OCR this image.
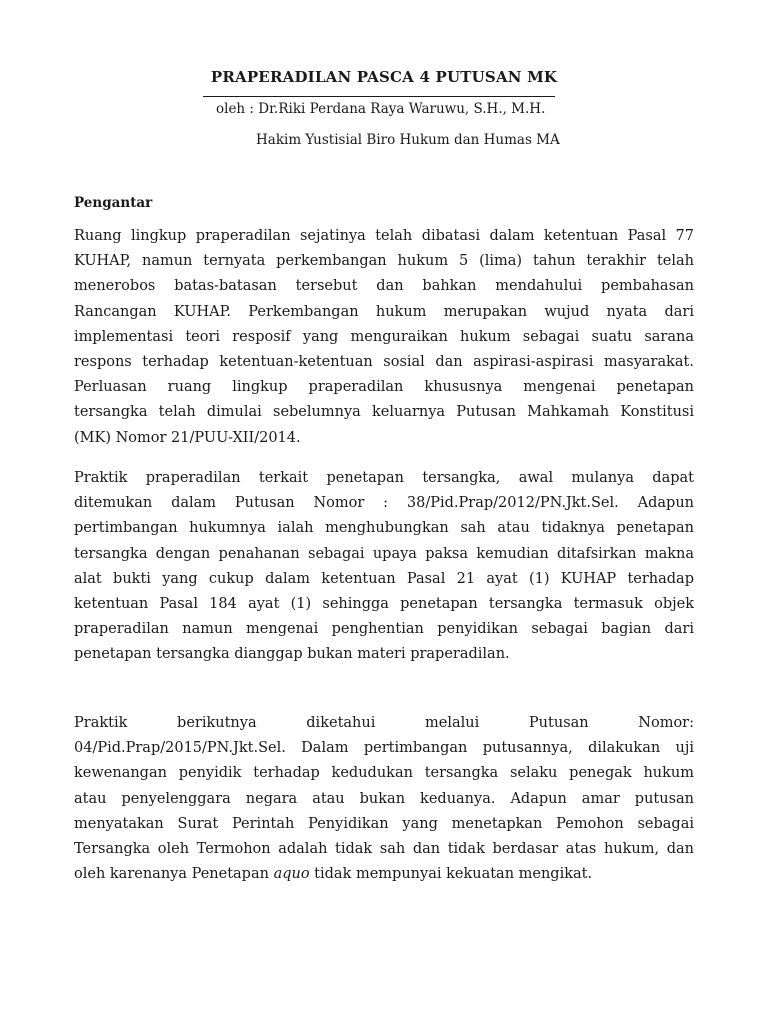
PRAPERADILAN PASCA 4 PUTUSAN MK
oleh : Dr.Riki Perdana Raya Waruwu, S.H., M.H.
Hakim Yustisial Biro Hukum dan Humas MA
Pengantar
Ruang lingkup praperadilan sejatinya telah dibatasi dalam ketentuan Pasal 77
KUHAP, namun ternyata perkembangan hukum 5 (lima) tahun terakhir telah
menerobos batas-batasan tersebut dan bahkan mendahului pembahasan
Rancangan KUHAP. Perkembangan hukum merupakan wujud nyata dari
implementasi teori resposif yang menguraikan hukum sebagai suatu sarana
respons terhadap ketentuan-ketentuan sosial dan aspirasi-aspirasi masyarakat.
Perluasan ruang lingkup praperadilan khususnya mengenai penetapan
tersangka telah dimulai sebelumnya keluarnya Putusan Mahkamah Konstitusi
(MK) Nomor 21/PUU-XII/2014.
Praktik praperadilan terkait penetapan tersangka, awal mulanya dapat
ditemukan dalam Putusan Nomor : 38/Pid.Prap/2012/PN.Jkt.Sel. Adapun
pertimbangan hukumnya ialah menghubungkan sah atau tidaknya penetapan
tersangka dengan penahanan sebagai upaya paksa kemudian ditafsirkan makna
alat bukti yang cukup dalam ketentuan Pasal 21 ayat (1) KUHAP terhadap
ketentuan Pasal 184 ayat (1) sehingga penetapan tersangka termasuk objek
praperadilan namun mengenai penghentian penyidikan sebagai bagian dari
penetapan tersangka dianggap bukan materi praperadilan.
Praktik berikutnya diketahui melalui Putusan Nomor:
04/Pid.Prap/2015/PN.Jkt.Sel. Dalam pertimbangan putusannya, dilakukan uji
kewenangan penyidik terhadap kedudukan tersangka selaku penegak hukum
atau penyelenggara negara atau bukan keduanya. Adapun amar putusan
menyatakan Surat Perintah Penyidikan yang menetapkan Pemohon sebagai
Tersangka oleh Termohon adalah tidak sah dan tidak berdasar atas hukum, dan
oleh karenanya Penetapan aquo tidak mempunyai kekuatan mengikat.
